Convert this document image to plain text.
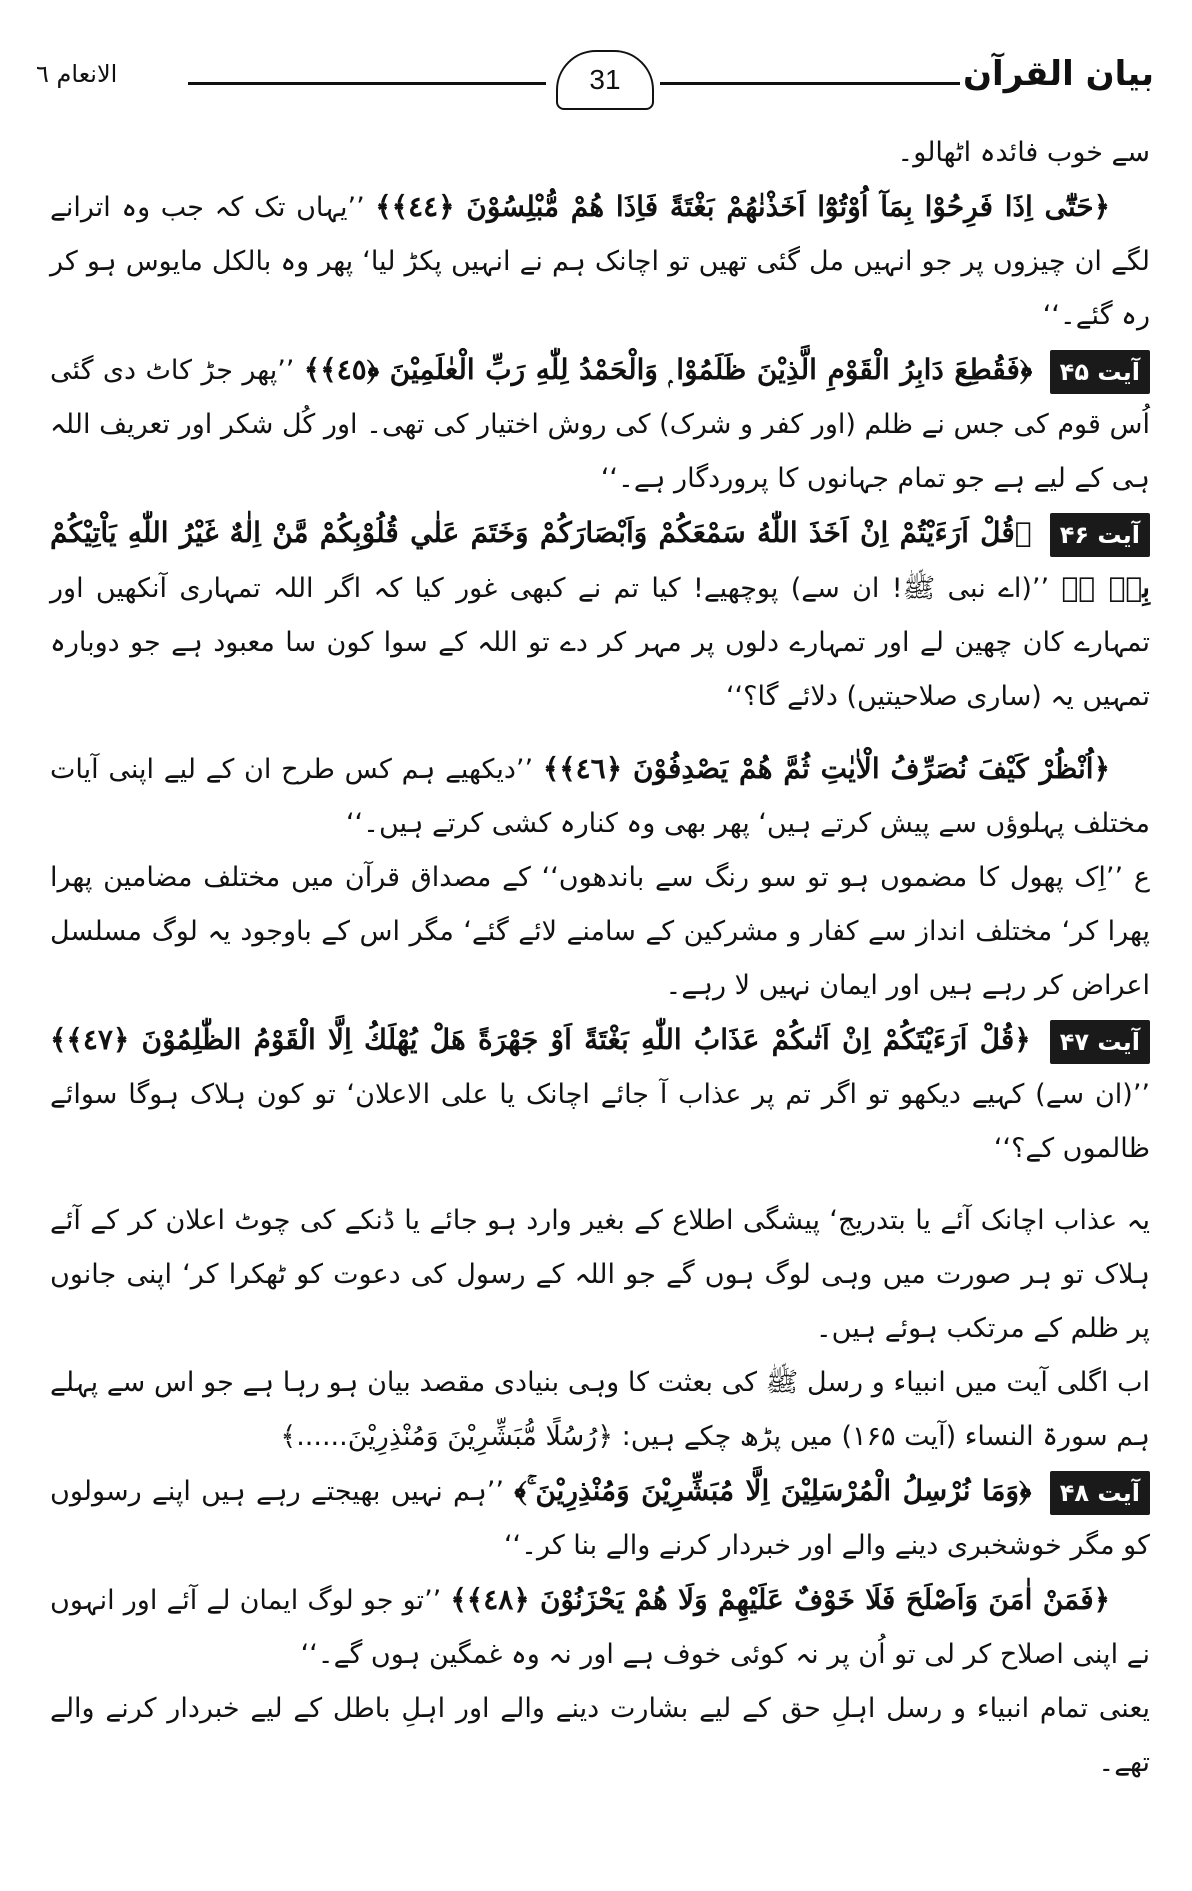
بیان القرآن
31
الانعام ٦

سے خوب فائدہ اٹھالو۔

﴿حَتّٰٓى اِذَا فَرِحُوْا بِمَآ اُوْتُوْٓا اَخَذْنٰهُمْ بَغْتَةً فَاِذَا هُمْ مُّبْلِسُوْنَ ﴿٤٤﴾﴾ ’’یہاں تک کہ جب وہ اترانے لگے ان چیزوں پر جو انہیں مل گئی تھیں تو اچانک ہم نے انہیں پکڑ لیا‘ پھر وہ بالکل مایوس ہو کر رہ گئے۔‘‘

آیت ۴۵ ﴿فَقُطِعَ دَابِرُ الْقَوْمِ الَّذِيْنَ ظَلَمُوْا ۭ وَالْحَمْدُ لِلّٰهِ رَبِّ الْعٰلَمِيْنَ ﴿٤٥﴾﴾ ’’پھر جڑ کاٹ دی گئی اُس قوم کی جس نے ظلم (اور کفر و شرک) کی روش اختیار کی تھی۔ اور کُل شکر اور تعریف اللہ ہی کے لیے ہے جو تمام جہانوں کا پروردگار ہے۔‘‘

آیت ۴۶ ﴿قُلْ اَرَءَيْتُمْ اِنْ اَخَذَ اللّٰهُ سَمْعَكُمْ وَاَبْصَارَكُمْ وَخَتَمَ عَلٰي قُلُوْبِكُمْ مَّنْ اِلٰهٌ غَيْرُ اللّٰهِ يَاْتِيْكُمْ بِهٖ ۭ﴾ ’’(اے نبی ﷺ! ان سے) پوچھیے! کیا تم نے کبھی غور کیا کہ اگر اللہ تمہاری آنکھیں اور تمہارے کان چھین لے اور تمہارے دلوں پر مہر کر دے تو اللہ کے سوا کون سا معبود ہے جو دوبارہ تمہیں یہ (ساری صلاحیتیں) دلائے گا؟‘‘

﴿اُنْظُرْ كَيْفَ نُصَرِّفُ الْاٰيٰتِ ثُمَّ هُمْ يَصْدِفُوْنَ ﴿٤٦﴾﴾ ’’دیکھیے ہم کس طرح ان کے لیے اپنی آیات مختلف پہلوؤں سے پیش کرتے ہیں‘ پھر بھی وہ کنارہ کشی کرتے ہیں۔‘‘

ع ’’اِک پھول کا مضموں ہو تو سو رنگ سے باندھوں‘‘ کے مصداق قرآن میں مختلف مضامین پھرا پھرا کر‘ مختلف انداز سے کفار و مشرکین کے سامنے لائے گئے‘ مگر اس کے باوجود یہ لوگ مسلسل اعراض کر رہے ہیں اور ایمان نہیں لا رہے۔

آیت ۴۷ ﴿قُلْ اَرَءَيْتَكُمْ اِنْ اَتٰىكُمْ عَذَابُ اللّٰهِ بَغْتَةً اَوْ جَهْرَةً هَلْ يُهْلَكُ اِلَّا الْقَوْمُ الظّٰلِمُوْنَ ﴿٤٧﴾﴾ ’’(ان سے) کہیے دیکھو تو اگر تم پر عذاب آ جائے اچانک یا علی الاعلان‘ تو کون ہلاک ہوگا سوائے ظالموں کے؟‘‘

یہ عذاب اچانک آئے یا بتدریج‘ پیشگی اطلاع کے بغیر وارد ہو جائے یا ڈنکے کی چوٹ اعلان کر کے آئے ہلاک تو ہر صورت میں وہی لوگ ہوں گے جو اللہ کے رسول کی دعوت کو ٹھکرا کر‘ اپنی جانوں پر ظلم کے مرتکب ہوئے ہیں۔

اب اگلی آیت میں انبیاء و رسل ﷺ کی بعثت کا وہی بنیادی مقصد بیان ہو رہا ہے جو اس سے پہلے ہم سورۃ النساء (آیت ۱۶۵) میں پڑھ چکے ہیں: ﴿رُسُلًا مُّبَشِّرِيْنَ وَمُنْذِرِيْنَ......﴾

آیت ۴۸ ﴿وَمَا نُرْسِلُ الْمُرْسَلِيْنَ اِلَّا مُبَشِّرِيْنَ وَمُنْذِرِيْنَ ۚ﴾ ’’ہم نہیں بھیجتے رہے ہیں اپنے رسولوں کو مگر خوشخبری دینے والے اور خبردار کرنے والے بنا کر۔‘‘

﴿فَمَنْ اٰمَنَ وَاَصْلَحَ فَلَا خَوْفٌ عَلَيْهِمْ وَلَا هُمْ يَحْزَنُوْنَ ﴿٤٨﴾﴾ ’’تو جو لوگ ایمان لے آئے اور انہوں نے اپنی اصلاح کر لی تو اُن پر نہ کوئی خوف ہے اور نہ وہ غمگین ہوں گے۔‘‘

یعنی تمام انبیاء و رسل اہلِ حق کے لیے بشارت دینے والے اور اہلِ باطل کے لیے خبردار کرنے والے تھے۔
